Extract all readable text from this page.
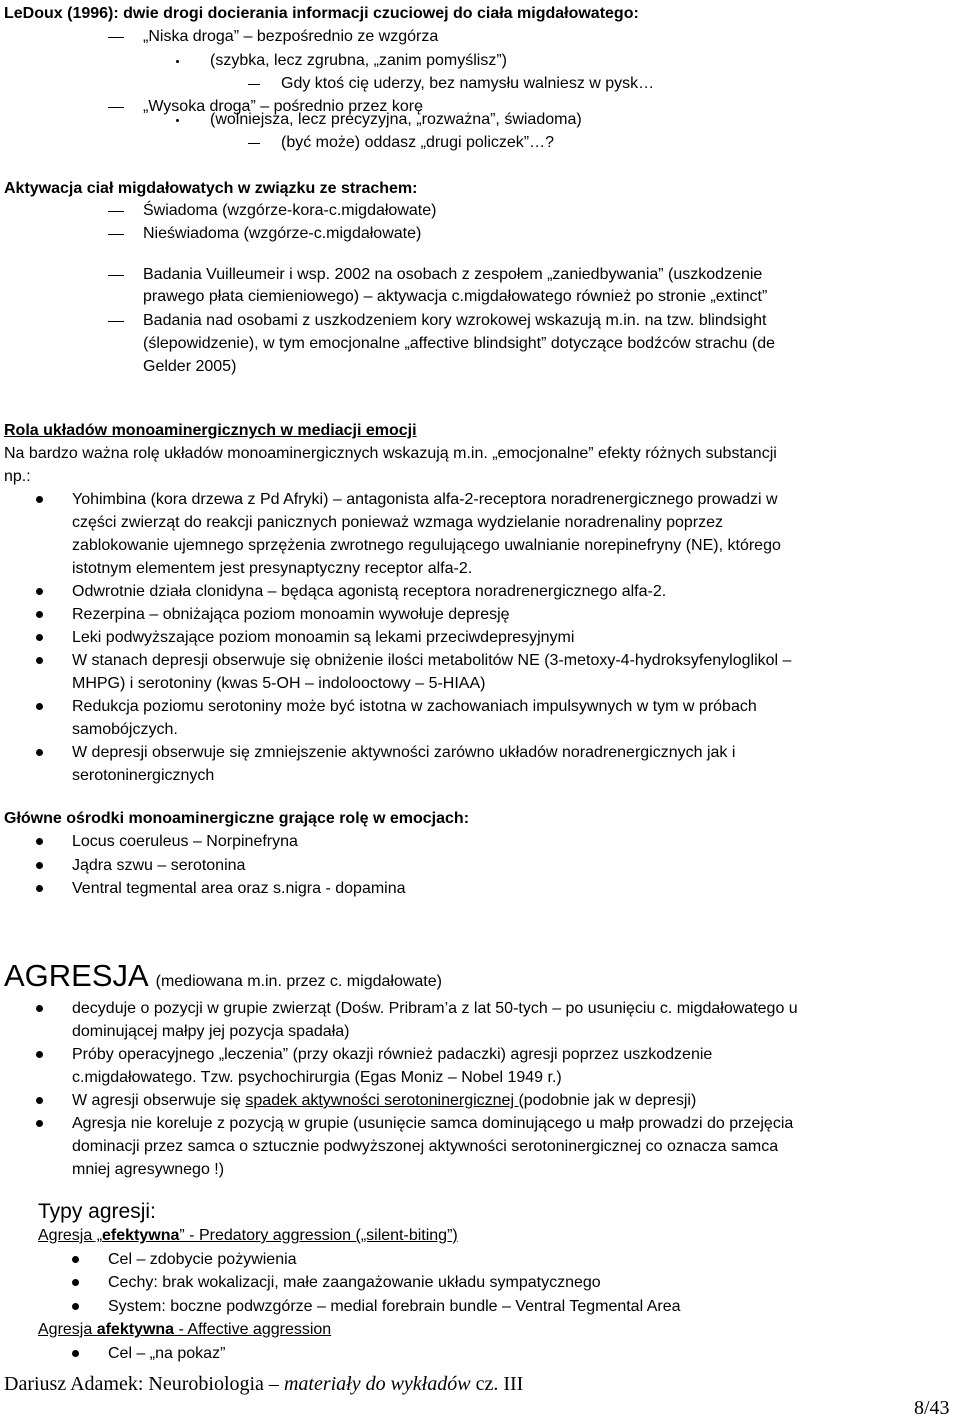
LeDoux (1996): dwie drogi docierania informacji czuciowej do ciała migdałowatego:
„Niska droga” – bezpośrednio ze wzgórza
(szybka, lecz zgrubna, „zanim pomyślisz”)
Gdy ktoś cię uderzy, bez namysłu walniesz w pysk…
„Wysoka droga” – pośrednio przez korę
(wolniejsza, lecz precyzyjna, „rozważna”, świadoma)
(być może) oddasz „drugi policzek”…?
Aktywacja ciał migdałowatych w związku ze strachem:
Świadoma (wzgórze-kora-c.migdałowate)
Nieświadoma (wzgórze-c.migdałowate)
Badania Vuilleumeir i wsp. 2002 na osobach z zespołem „zaniedbywania” (uszkodzenie
prawego płata ciemieniowego) – aktywacja c.migdałowatego również po stronie „extinct”
Badania nad osobami z uszkodzeniem kory wzrokowej wskazują m.in. na tzw. blindsight
(ślepowidzenie), w tym emocjonalne „affective blindsight” dotyczące bodźców strachu (de
Gelder 2005)
Rola układów monoaminergicznych w mediacji emocji
Na bardzo ważna rolę układów monoaminergicznych wskazują m.in. „emocjonalne” efekty różnych substancji
np.:
Yohimbina (kora drzewa z Pd Afryki) – antagonista alfa-2-receptora noradrenergicznego prowadzi w
części zwierząt do reakcji panicznych ponieważ wzmaga wydzielanie noradrenaliny poprzez
zablokowanie ujemnego sprzężenia zwrotnego regulującego uwalnianie norepinefryny (NE), którego
istotnym elementem jest presynaptyczny receptor alfa-2.
Odwrotnie działa clonidyna – będąca agonistą receptora noradrenergicznego alfa-2.
Rezerpina – obniżająca poziom monoamin wywołuje depresję
Leki podwyższające poziom monoamin są lekami przeciwdepresyjnymi
W stanach depresji obserwuje się obniżenie ilości metabolitów NE (3-metoxy-4-hydroksyfenyloglikol –
MHPG) i serotoniny (kwas 5-OH – indolooctowy – 5-HIAA)
Redukcja poziomu serotoniny może być istotna w zachowaniach impulsywnych w tym w próbach
samobójczych.
W depresji obserwuje się zmniejszenie aktywności zarówno układów noradrenergicznych jak i
serotoninergicznych
Główne ośrodki monoaminergiczne grające rolę w emocjach:
Locus coeruleus – Norpinefryna
Jądra szwu – serotonina
Ventral tegmental area oraz s.nigra - dopamina
AGRESJA (mediowana m.in. przez c. migdałowate)
decyduje o pozycji w grupie zwierząt (Dośw. Pribram’a z lat 50-tych – po usunięciu c. migdałowatego u
dominującej małpy jej pozycja spadała)
Próby operacyjnego „leczenia” (przy okazji również padaczki) agresji poprzez uszkodzenie
c.migdałowatego. Tzw. psychochirurgia (Egas Moniz – Nobel 1949 r.)
W agresji obserwuje się spadek aktywności serotoninergicznej (podobnie jak w depresji)
Agresja nie koreluje z pozycją w grupie (usunięcie samca dominującego u małp prowadzi do przejęcia
dominacji przez samca o sztucznie podwyższonej aktywności serotoninergicznej co oznacza samca
mniej agresywnego !)
Typy agresji:
Agresja „efektywna” - Predatory aggression („silent-biting”)
Cel – zdobycie pożywienia
Cechy: brak wokalizacji, małe zaangażowanie układu sympatycznego
System: boczne podwzgórze – medial forebrain bundle – Ventral Tegmental Area
Agresja afektywna - Affective aggression
Cel – „na pokaz”
Dariusz Adamek: Neurobiologia – materiały do wykładów cz. III
8/43
